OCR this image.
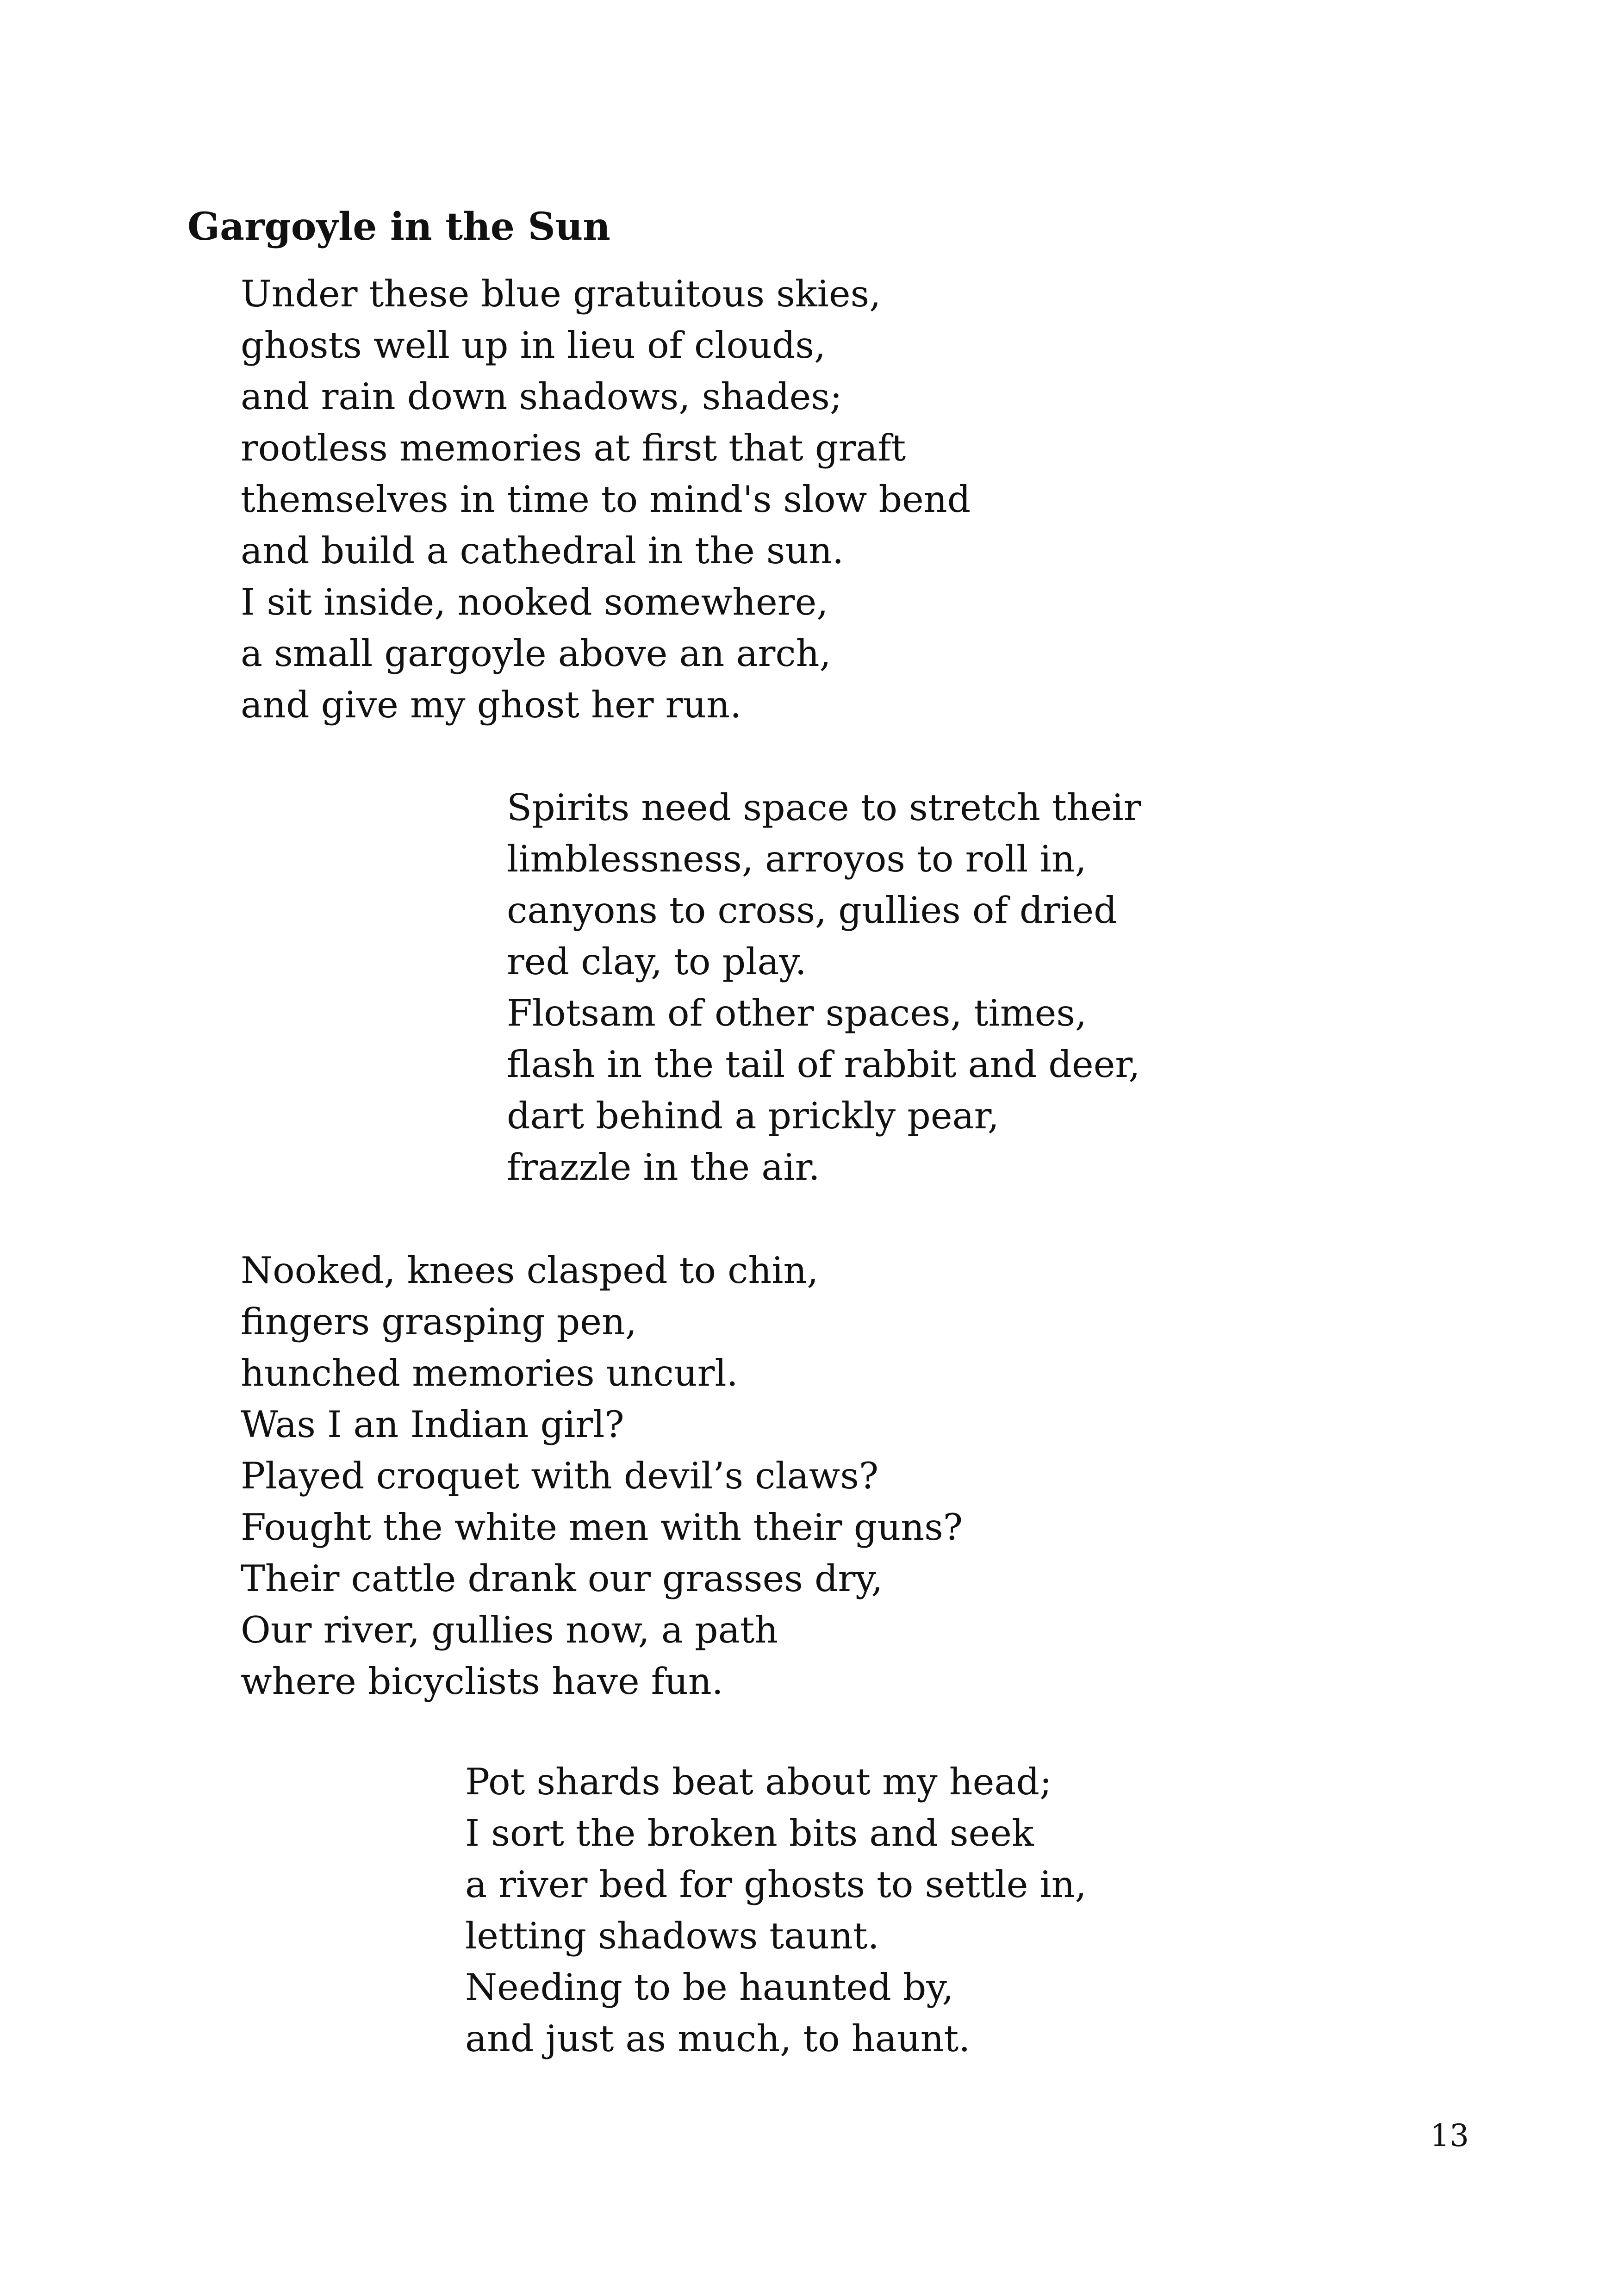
Gargoyle in the Sun
Under these blue gratuitous skies,
ghosts well up in lieu of clouds,
and rain down shadows, shades;
rootless memories at first that graft
themselves in time to mind's slow bend
and build a cathedral in the sun.
I sit inside, nooked somewhere,
a small gargoyle above an arch,
and give my ghost her run.
Spirits need space to stretch their
limblessness, arroyos to roll in,
canyons to cross, gullies of dried
red clay, to play.
Flotsam of other spaces, times,
flash in the tail of rabbit and deer,
dart behind a prickly pear,
frazzle in the air.
Nooked, knees clasped to chin,
fingers grasping pen,
hunched memories uncurl.
Was I an Indian girl?
Played croquet with devil’s claws?
Fought the white men with their guns?
Their cattle drank our grasses dry,
Our river, gullies now, a path
where bicyclists have fun.
Pot shards beat about my head;
I sort the broken bits and seek
a river bed for ghosts to settle in,
letting shadows taunt.
Needing to be haunted by,
and just as much, to haunt.
13
